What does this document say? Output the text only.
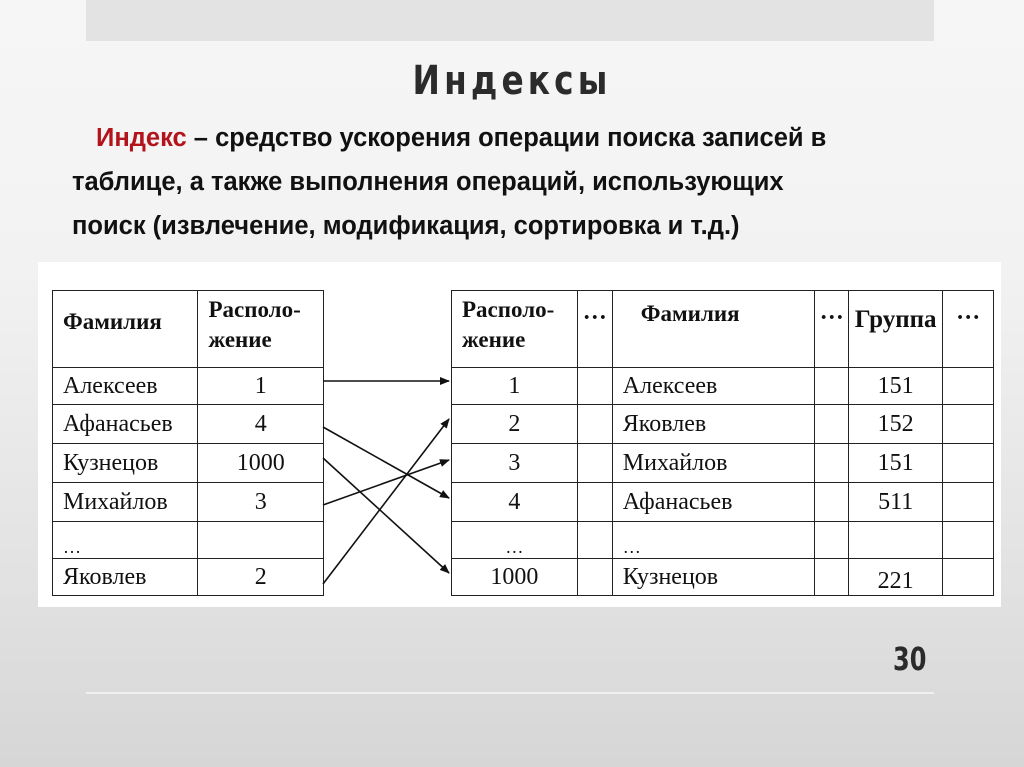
Индексы
Индекс – средство ускорения операции поиска записей в
таблице, а также выполнения операций, использующих
поиск (извлечение, модификация, сортировка и т.д.)
Фамилия	Располо-
жение
Алексеев	1
Афанасьев	4
Кузнецов	1000
Михайлов	3
…	
Яковлев	2
Располо-
жение	…	Фамилия	…	Группа	…
1		Алексеев		151	
2		Яковлев		152	
3		Михайлов		151	
4		Афанасьев		511	
…		…			
1000		Кузнецов		221	
30
